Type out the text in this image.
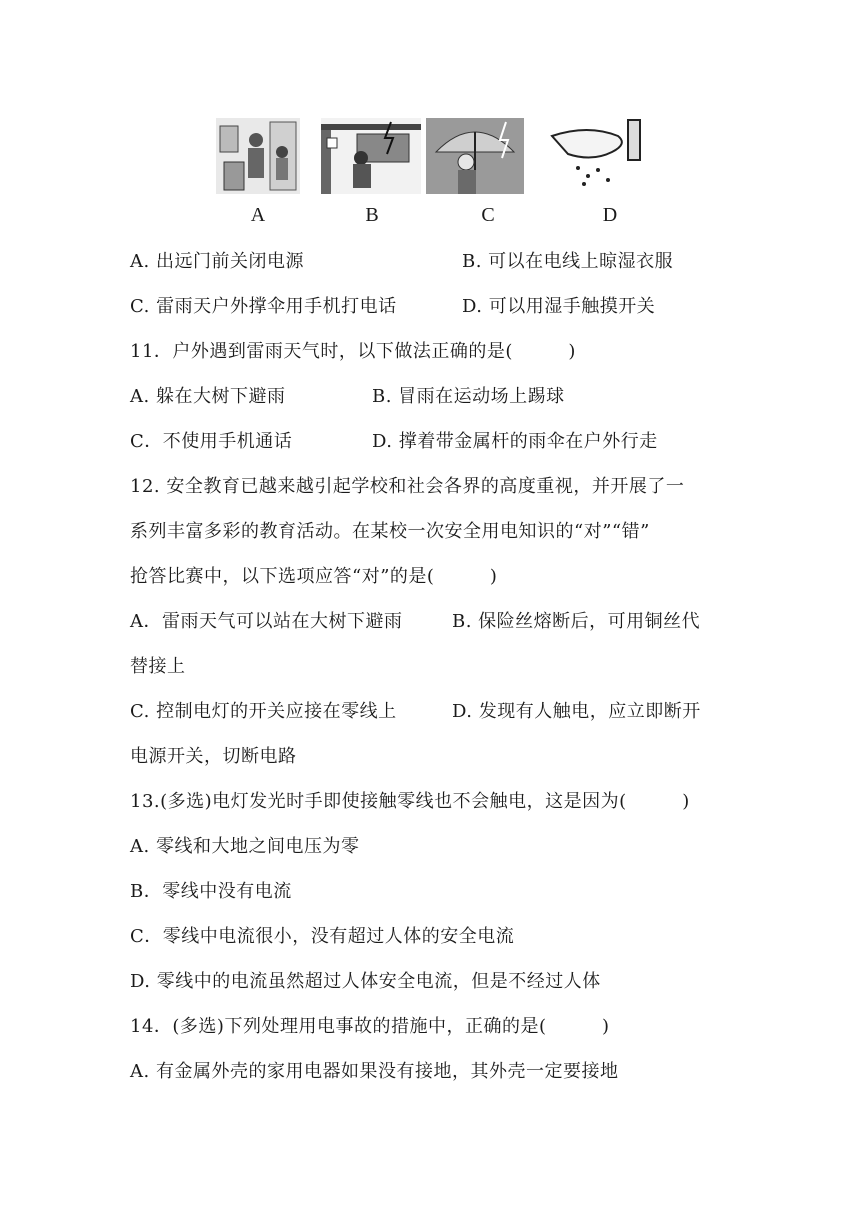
A	B	C	D
A. 出远门前关闭电源	B. 可以在电线上晾湿衣服
C. 雷雨天户外撑伞用手机打电话	D. 可以用湿手触摸开关
11．户外遇到雷雨天气时，以下做法正确的是(　　　)
A. 躲在大树下避雨	B. 冒雨在运动场上踢球
C．不使用手机通话	D. 撑着带金属杆的雨伞在户外行走
12. 安全教育已越来越引起学校和社会各界的高度重视，并开展了一
系列丰富多彩的教育活动。在某校一次安全用电知识的“对”“错”
抢答比赛中，以下选项应答“对”的是(　　　)
A．雷雨天气可以站在大树下避雨	B. 保险丝熔断后，可用铜丝代
替接上
C. 控制电灯的开关应接在零线上	D. 发现有人触电，应立即断开
电源开关，切断电路
13.(多选)电灯发光时手即使接触零线也不会触电，这是因为(　　　)
A. 零线和大地之间电压为零
B．零线中没有电流
C．零线中电流很小，没有超过人体的安全电流
D. 零线中的电流虽然超过人体安全电流，但是不经过人体
14．(多选)下列处理用电事故的措施中，正确的是(　　　)
A. 有金属外壳的家用电器如果没有接地，其外壳一定要接地
